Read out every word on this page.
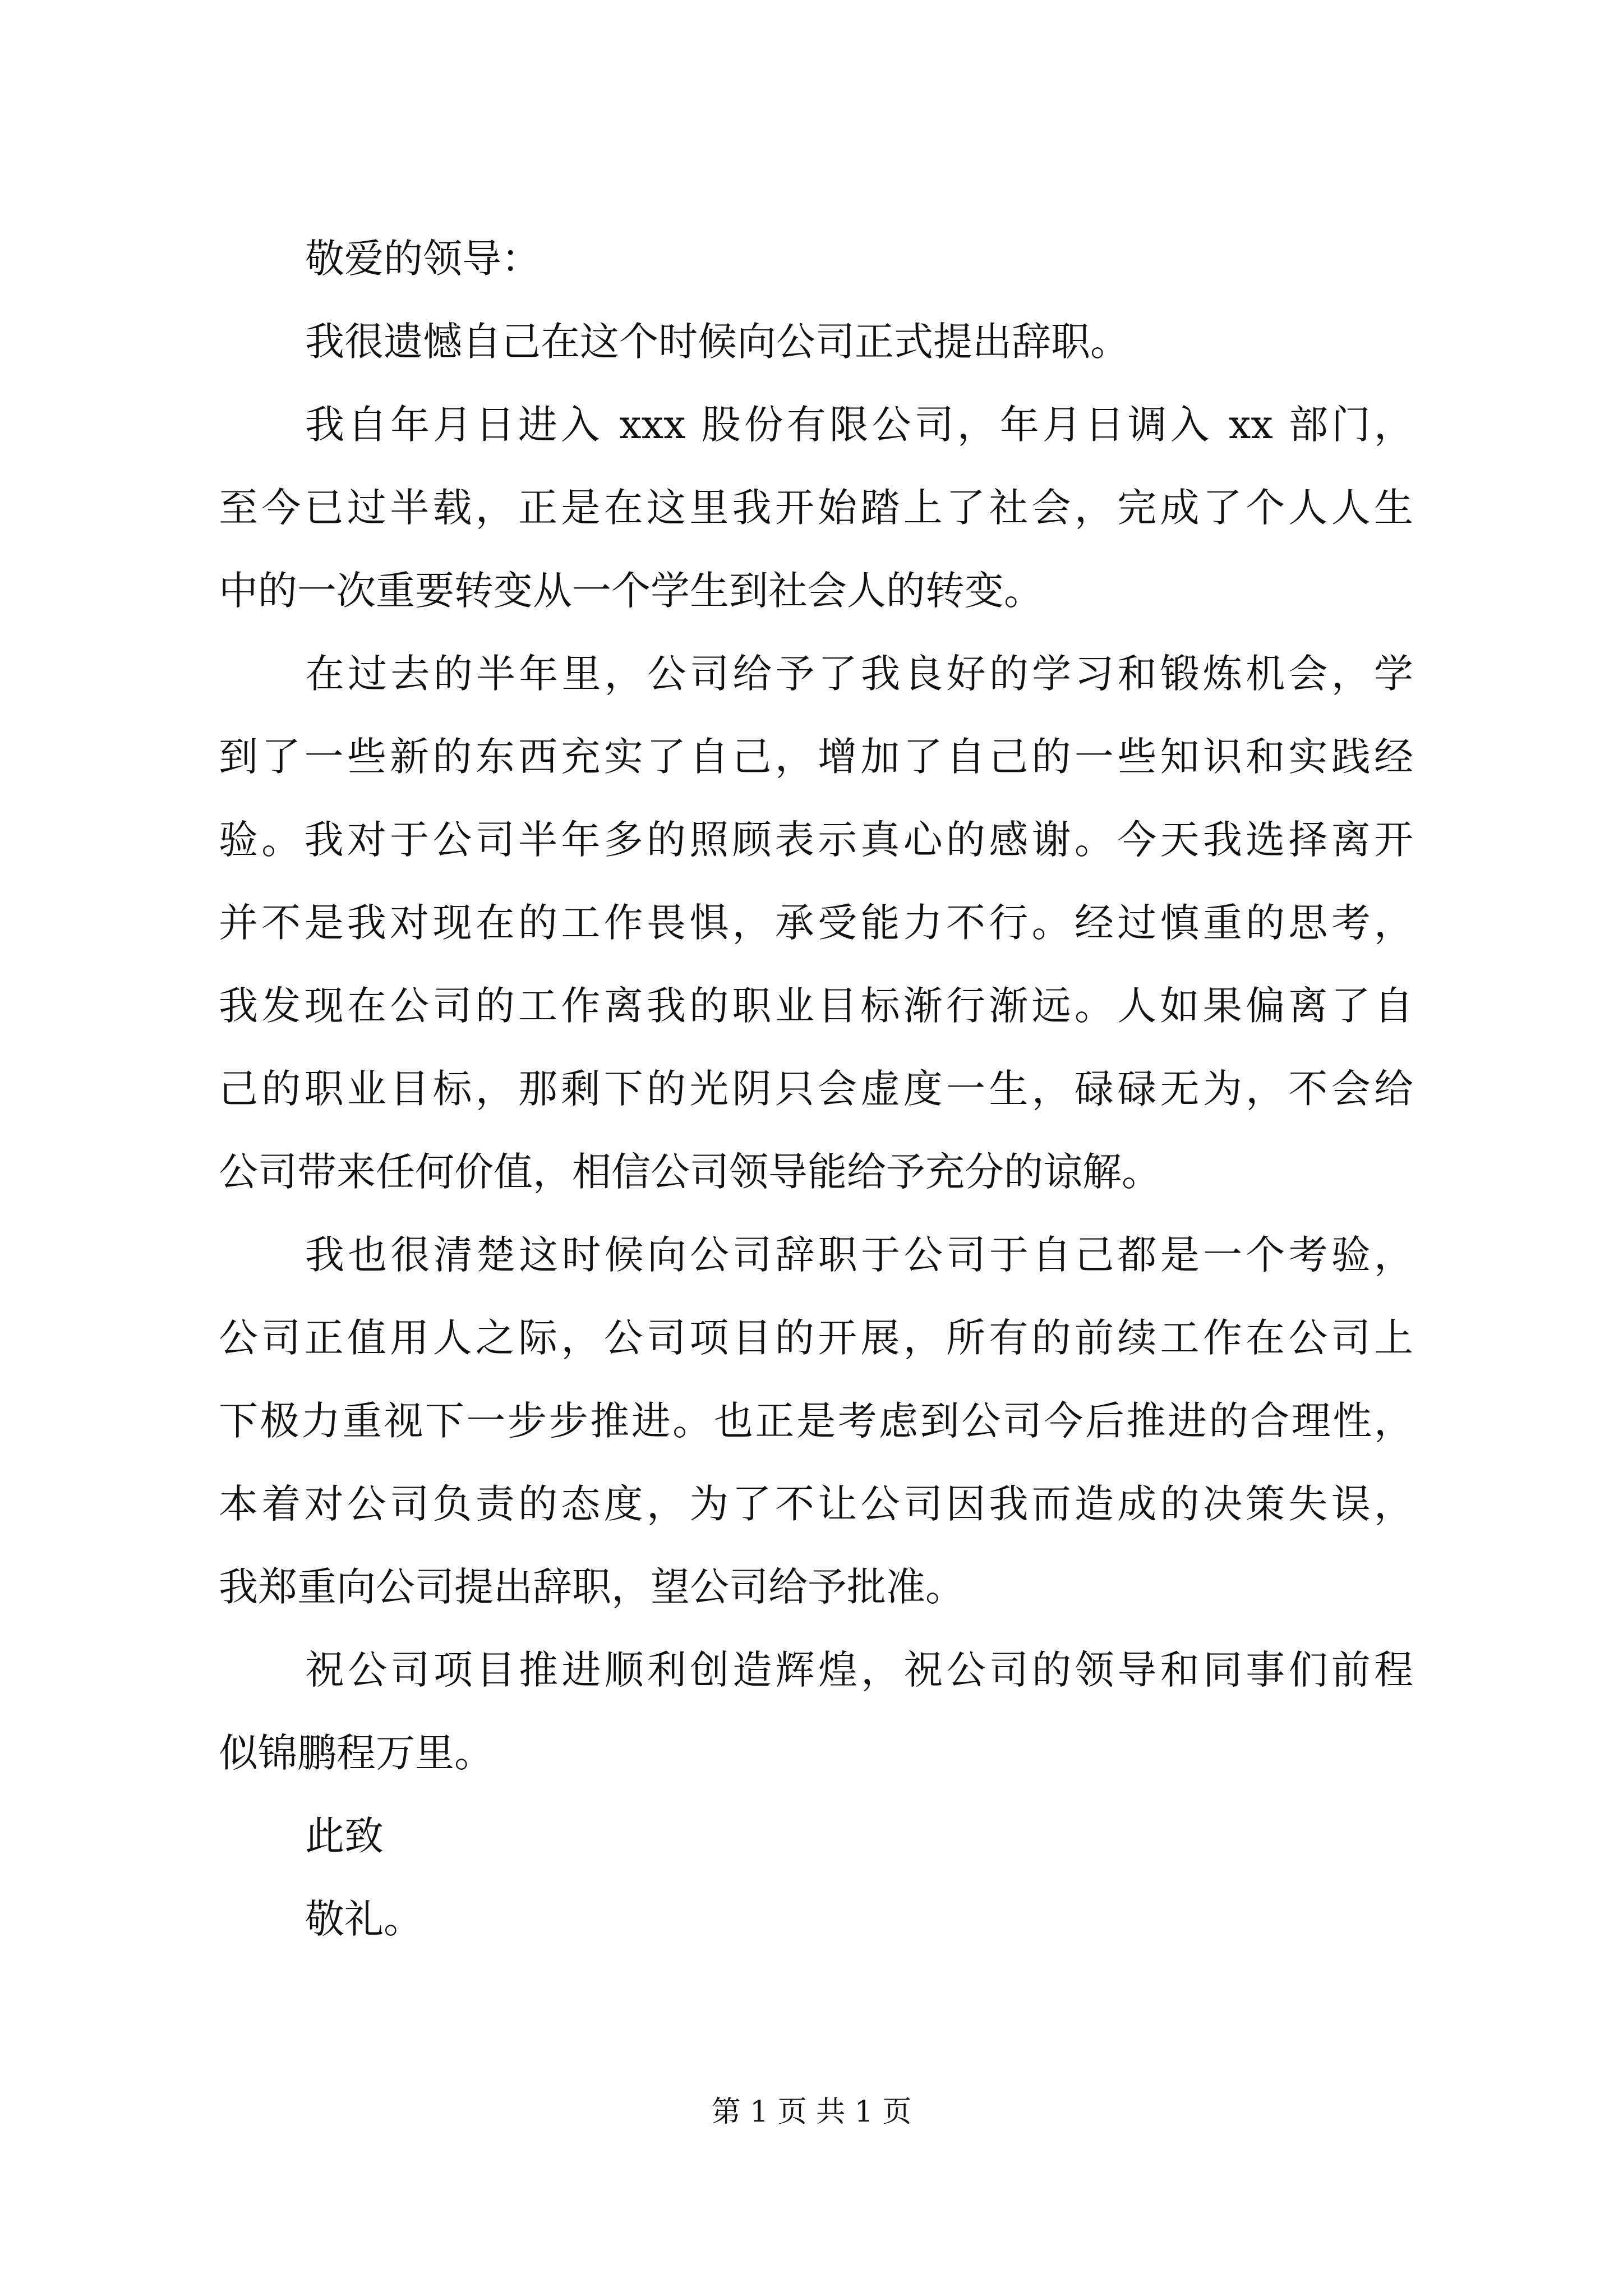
敬爱的领导：
我很遗憾自己在这个时候向公司正式提出辞职。
我自年月日进入 xxx 股份有限公司，年月日调入 xx 部门，
至今已过半载，正是在这里我开始踏上了社会，完成了个人人生
中的一次重要转变从一个学生到社会人的转变。
在过去的半年里，公司给予了我良好的学习和锻炼机会，学
到了一些新的东西充实了自己，增加了自己的一些知识和实践经
验。我对于公司半年多的照顾表示真心的感谢。今天我选择离开
并不是我对现在的工作畏惧，承受能力不行。经过慎重的思考，
我发现在公司的工作离我的职业目标渐行渐远。人如果偏离了自
己的职业目标，那剩下的光阴只会虚度一生，碌碌无为，不会给
公司带来任何价值，相信公司领导能给予充分的谅解。
我也很清楚这时候向公司辞职于公司于自己都是一个考验，
公司正值用人之际，公司项目的开展，所有的前续工作在公司上
下极力重视下一步步推进。也正是考虑到公司今后推进的合理性，
本着对公司负责的态度，为了不让公司因我而造成的决策失误，
我郑重向公司提出辞职，望公司给予批准。
祝公司项目推进顺利创造辉煌，祝公司的领导和同事们前程
似锦鹏程万里。
此致
敬礼。
第 1 页 共 1 页
